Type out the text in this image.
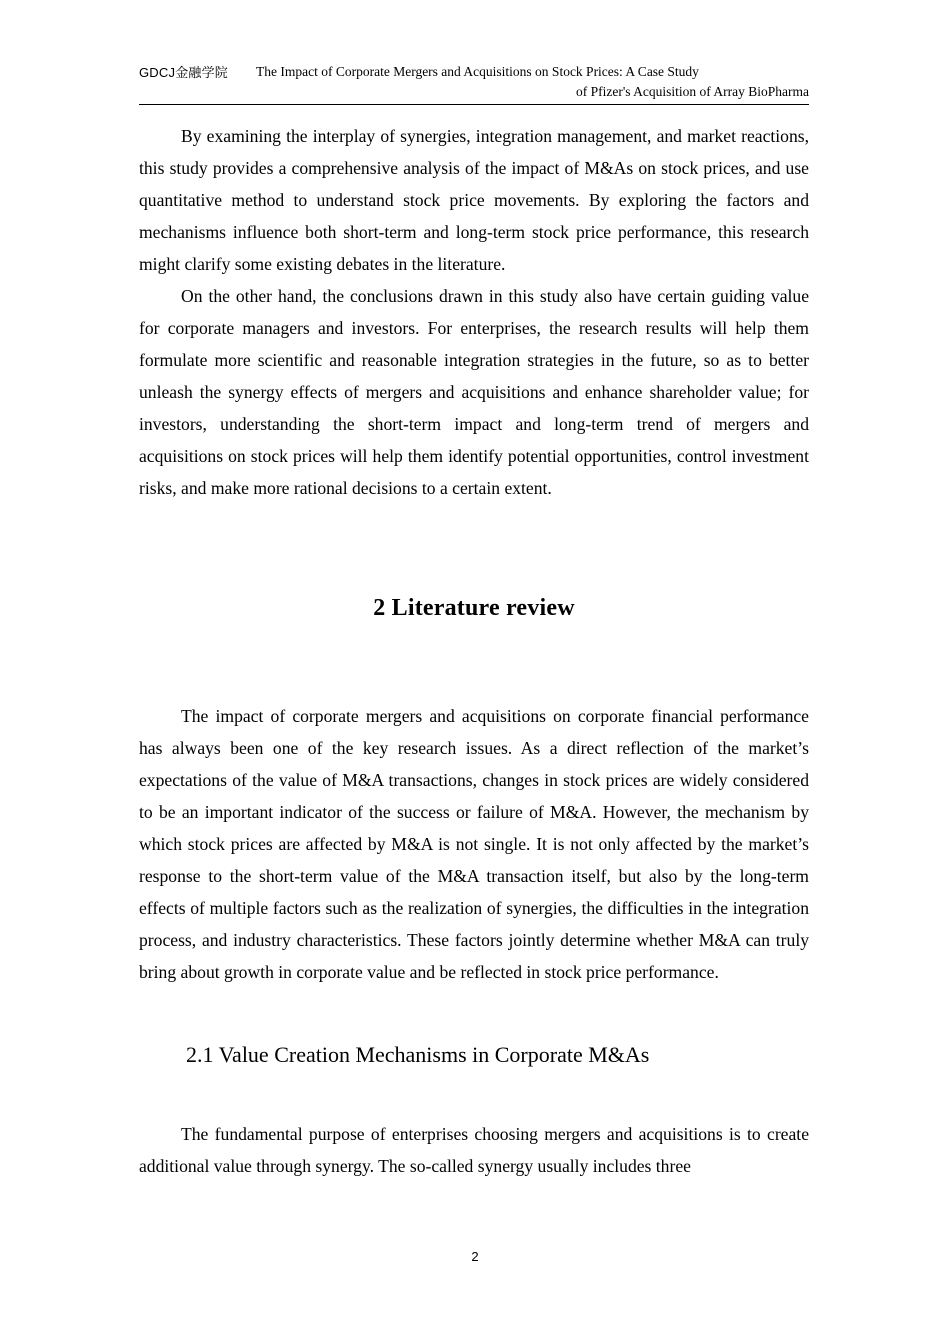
GDCJ金融学院 The Impact of Corporate Mergers and Acquisitions on Stock Prices: A Case Study
of Pfizer's Acquisition of Array BioPharma

By examining the interplay of synergies, integration management, and market reactions, this study provides a comprehensive analysis of the impact of M&As on stock prices, and use quantitative method to understand stock price movements. By exploring the factors and mechanisms influence both short-term and long-term stock price performance, this research might clarify some existing debates in the literature.

On the other hand, the conclusions drawn in this study also have certain guiding value for corporate managers and investors. For enterprises, the research results will help them formulate more scientific and reasonable integration strategies in the future, so as to better unleash the synergy effects of mergers and acquisitions and enhance shareholder value; for investors, understanding the short-term impact and long-term trend of mergers and acquisitions on stock prices will help them identify potential opportunities, control investment risks, and make more rational decisions to a certain extent.

2 Literature review

The impact of corporate mergers and acquisitions on corporate financial performance has always been one of the key research issues. As a direct reflection of the market’s expectations of the value of M&A transactions, changes in stock prices are widely considered to be an important indicator of the success or failure of M&A. However, the mechanism by which stock prices are affected by M&A is not single. It is not only affected by the market’s response to the short-term value of the M&A transaction itself, but also by the long-term effects of multiple factors such as the realization of synergies, the difficulties in the integration process, and industry characteristics. These factors jointly determine whether M&A can truly bring about growth in corporate value and be reflected in stock price performance.

2.1 Value Creation Mechanisms in Corporate M&As

The fundamental purpose of enterprises choosing mergers and acquisitions is to create additional value through synergy. The so-called synergy usually includes three

2
